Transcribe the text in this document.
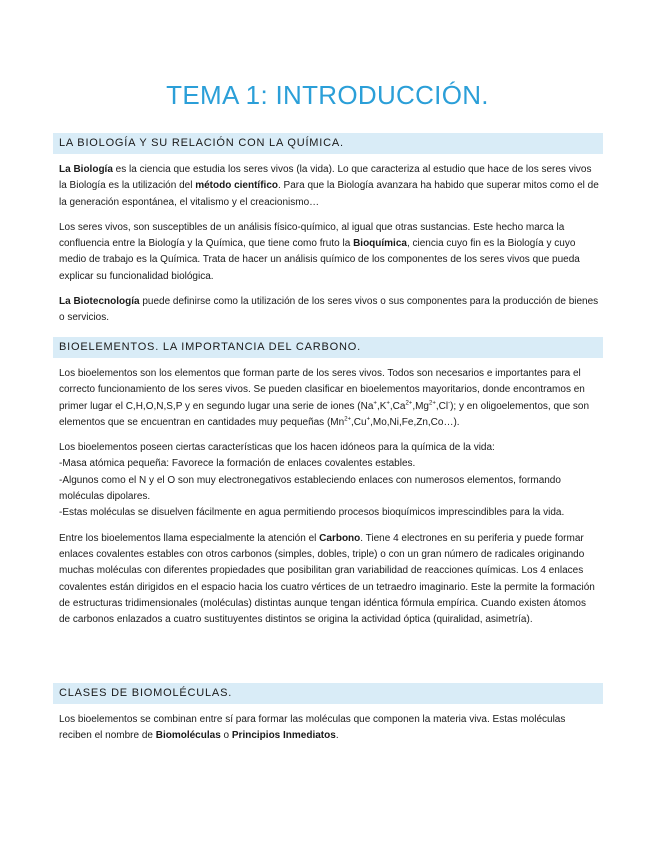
TEMA 1: INTRODUCCIÓN.
LA BIOLOGÍA Y SU RELACIÓN CON LA QUÍMICA.

La Biología es la ciencia que estudia los seres vivos (la vida). Lo que caracteriza al estudio que hace de los seres vivos la Biología es la utilización del método científico. Para que la Biología avanzara ha habido que superar mitos como el de la generación espontánea, el vitalismo y el creacionismo…

Los seres vivos, son susceptibles de un análisis físico-químico, al igual que otras sustancias. Este hecho marca la confluencia entre la Biología y la Química, que tiene como fruto la Bioquímica, ciencia cuyo fin es la Biología y cuyo medio de trabajo es la Química. Trata de hacer un análisis químico de los componentes de los seres vivos que pueda explicar su funcionalidad biológica.

La Biotecnología puede definirse como la utilización de los seres vivos o sus componentes para la producción de bienes o servicios.

BIOELEMENTOS. LA IMPORTANCIA DEL CARBONO.

Los bioelementos son los elementos que forman parte de los seres vivos. Todos son necesarios e importantes para el correcto funcionamiento de los seres vivos. Se pueden clasificar en bioelementos mayoritarios, donde encontramos en primer lugar el C,H,O,N,S,P y en segundo lugar una serie de iones $(Na^+,K^+,Ca^{2+},Mg^{2+},Cl^-)$; y en oligoelementos, que son elementos que se encuentran en cantidades muy pequeñas $(Mn^{2+},Cu^+,Mo,Ni,Fe,Zn,Co\dots)$.

Los bioelementos poseen ciertas características que los hacen idóneos para la química de la vida:
-Masa atómica pequeña: Favorece la formación de enlaces covalentes estables.
-Algunos como el N y el O son muy electronegativos estableciendo enlaces con numerosos elementos, formando moléculas dipolares.
-Estas moléculas se disuelven fácilmente en agua permitiendo procesos bioquímicos imprescindibles para la vida.

Entre los bioelementos llama especialmente la atención el Carbono. Tiene 4 electrones en su periferia y puede formar enlaces covalentes estables con otros carbonos (simples, dobles, triple) o con un gran número de radicales originando muchas moléculas con diferentes propiedades que posibilitan gran variabilidad de reacciones químicas. Los 4 enlaces covalentes están dirigidos en el espacio hacia los cuatro vértices de un tetraedro imaginario. Este la permite la formación de estructuras tridimensionales (moléculas) distintas aunque tengan idéntica fórmula empírica. Cuando existen átomos de carbonos enlazados a cuatro sustituyentes distintos se origina la actividad óptica (quiralidad, asimetría).

CLASES DE BIOMOLÉCULAS.

Los bioelementos se combinan entre sí para formar las moléculas que componen la materia viva. Estas moléculas reciben el nombre de Biomoléculas o Principios Inmediatos.
